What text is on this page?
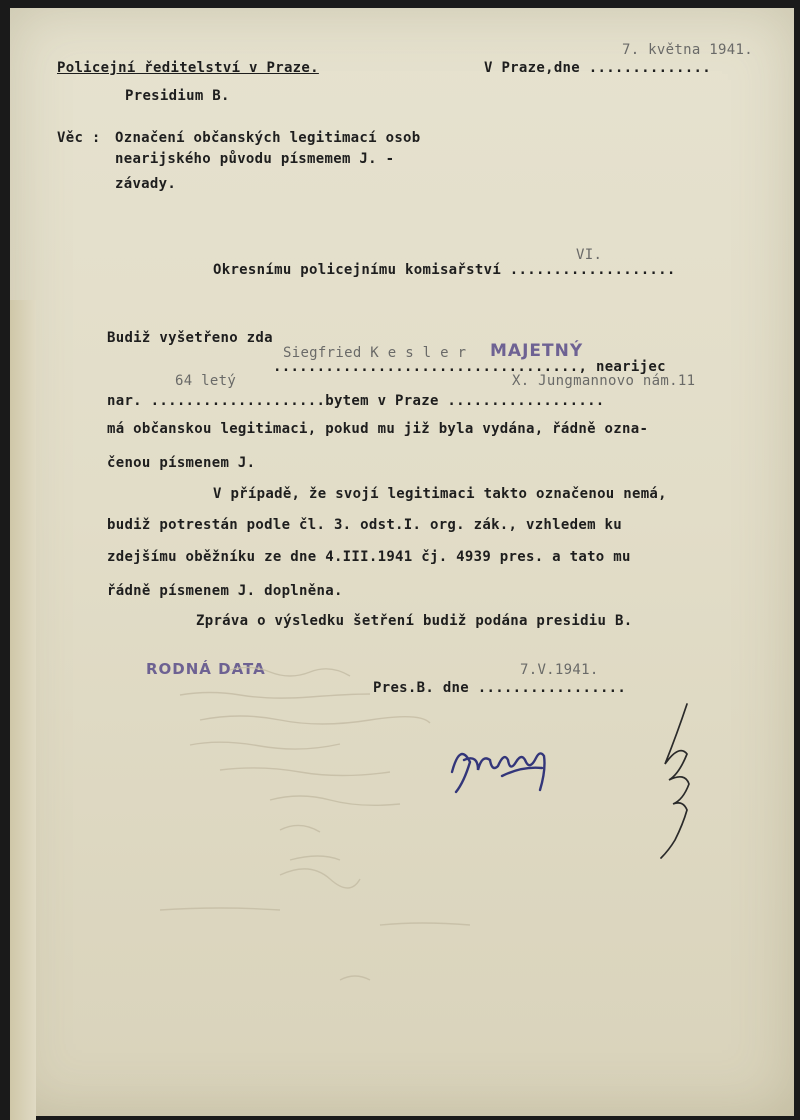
Policejní ředitelství v Praze.
Presidium B.
V Praze,dne ..............
7. května 1941.
Věc : Označení občanských legitimací osob
nearijského původu písmemem J. -
závady.
VI.
Okresnímu policejnímu komisařství ...................
Budiž vyšetřeno zda
Siegfried K e s l e r MAJETNÝ
..................................., nearijec
64 letý	X. Jungmannovo nám.11
nar. ....................bytem v Praze ..................
má občanskou legitimaci, pokud mu již byla vydána, řádně ozna-
čenou písmenem J.
V případě, že svojí legitimaci takto označenou nemá,
budiž potrestán podle čl. 3. odst.I. org. zák., vzhledem ku
zdejšímu oběžníku ze dne 4.III.1941 čj. 4939 pres. a tato mu
řádně písmenem J. doplněna.
Zpráva o výsledku šetření budiž podána presidiu B.
RODNÁ DATA	7.V.1941.
Pres.B. dne .................
